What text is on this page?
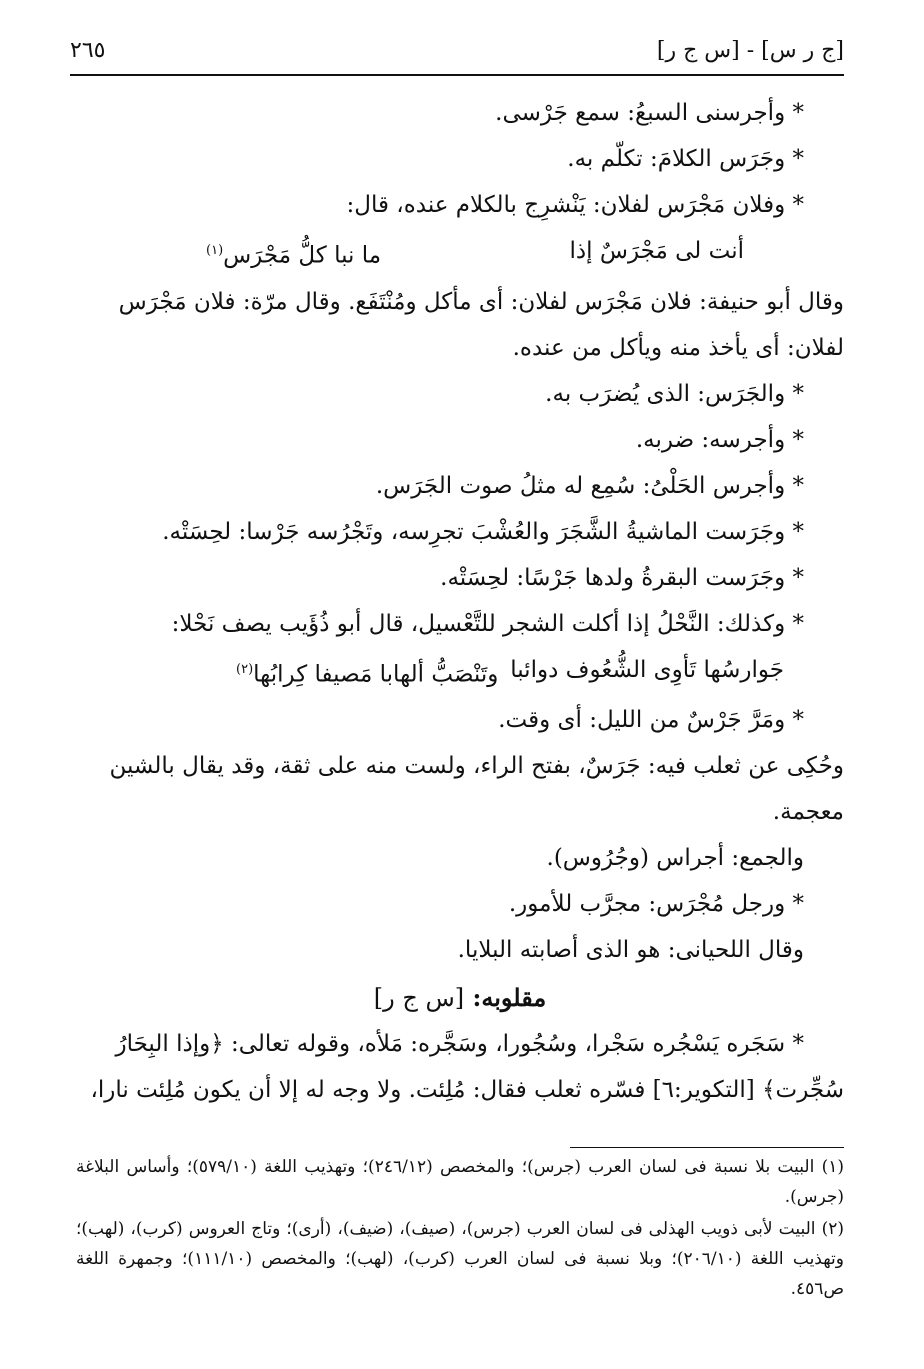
[ج ر س] - [س ج ر]
٢٦٥

* وأجرسنى السبعُ: سمع جَرْسى.

* وجَرَس الكلامَ: تكلّم به.

* وفلان مَجْرَس لفلان: يَنْشرِج بالكلام عنده، قال:

أنت لى مَجْرَسٌ إذا
ما نبا كلُّ مَجْرَس$^{(١)}$

وقال أبو حنيفة: فلان مَجْرَس لفلان: أى مأكل ومُنْتَفَع. وقال مرّة: فلان مَجْرَس

لفلان: أى يأخذ منه ويأكل من عنده.

* والجَرَس: الذى يُضرَب به.

* وأجرسه: ضربه.

* وأجرس الحَلْىُ: سُمِع له مثلُ صوت الجَرَس.

* وجَرَست الماشيةُ الشَّجَرَ والعُشْبَ تجرِسه، وتَجْرُسه جَرْسا: لحِسَتْه.

* وجَرَست البقرةُ ولدها جَرْسًا: لحِسَتْه.

* وكذلك: النَّحْلُ إذا أكلت الشجر للتَّعْسيل، قال أبو ذُؤَيب يصف نَحْلا:

جَوارسُها تَأوِى الشُّعُوف دوائبا
وتَنْصَبُّ ألهابا مَصيفا كِرابُها$^{(٢)}$

* ومَرَّ جَرْسٌ من الليل: أى وقت.

وحُكِى عن ثعلب فيه: جَرَسٌ، بفتح الراء، ولست منه على ثقة، وقد يقال بالشين

معجمة.

والجمع: أجراس (وجُرُوس).

* ورجل مُجْرَس: مجرَّب للأمور.

وقال اللحيانى: هو الذى أصابته البلايا.

مقلوبه: [س ج ر]

* سَجَره يَسْجُره سَجْرا، وسُجُورا، وسَجَّره: مَلأه، وقوله تعالى: ﴿وإذا البِحَارُ

سُجِّرت﴾ [التكوير:٦] فسّره ثعلب فقال: مُلِئت. ولا وجه له إلا أن يكون مُلِئت نارا،

(١) البيت بلا نسبة فى لسان العرب (جرس)؛ والمخصص (٢٤٦/١٢)؛ وتهذيب اللغة (٥٧٩/١٠)؛ وأساس البلاغة (جرس).

(٢) البيت لأبى ذويب الهذلى فى لسان العرب (جرس)، (صيف)، (ضيف)، (أرى)؛ وتاج العروس (كرب)، (لهب)؛ وتهذيب اللغة (٢٠٦/١٠)؛ وبلا نسبة فى لسان العرب (كرب)، (لهب)؛ والمخصص (١١١/١٠)؛ وجمهرة اللغة ص٤٥٦.
